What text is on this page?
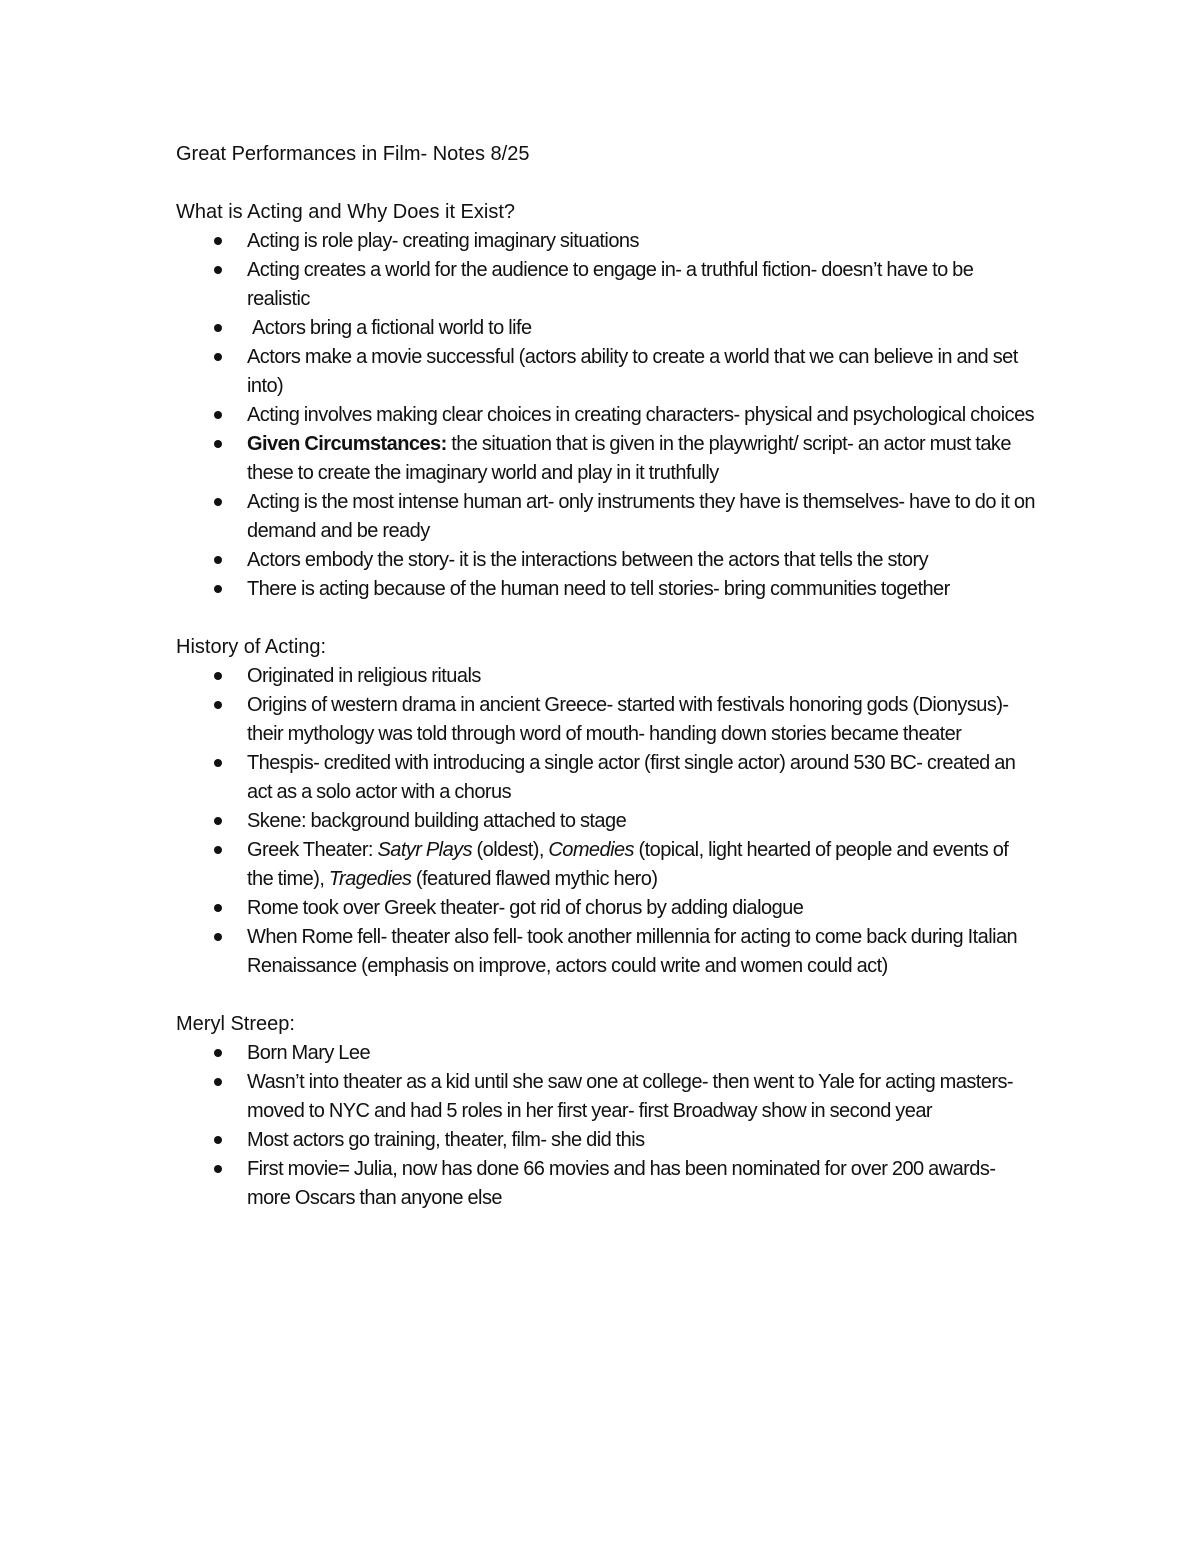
Great Performances in Film- Notes 8/25

What is Acting and Why Does it Exist?

Acting is role play- creating imaginary situations
Acting creates a world for the audience to engage in- a truthful fiction- doesn’t have to be realistic
Actors bring a fictional world to life
Actors make a movie successful (actors ability to create a world that we can believe in and set into)
Acting involves making clear choices in creating characters- physical and psychological choices
Given Circumstances: the situation that is given in the playwright/ script- an actor must take these to create the imaginary world and play in it truthfully
Acting is the most intense human art- only instruments they have is themselves- have to do it on demand and be ready
Actors embody the story- it is the interactions between the actors that tells the story
There is acting because of the human need to tell stories- bring communities together

History of Acting:

Originated in religious rituals
Origins of western drama in ancient Greece- started with festivals honoring gods (Dionysus)- their mythology was told through word of mouth- handing down stories became theater
Thespis- credited with introducing a single actor (first single actor) around 530 BC- created an act as a solo actor with a chorus
Skene: background building attached to stage
Greek Theater: Satyr Plays (oldest), Comedies (topical, light hearted of people and events of the time), Tragedies (featured flawed mythic hero)
Rome took over Greek theater- got rid of chorus by adding dialogue
When Rome fell- theater also fell- took another millennia for acting to come back during Italian Renaissance (emphasis on improve, actors could write and women could act)

Meryl Streep:

Born Mary Lee
Wasn’t into theater as a kid until she saw one at college- then went to Yale for acting masters- moved to NYC and had 5 roles in her first year- first Broadway show in second year
Most actors go training, theater, film- she did this
First movie= Julia, now has done 66 movies and has been nominated for over 200 awards- more Oscars than anyone else
